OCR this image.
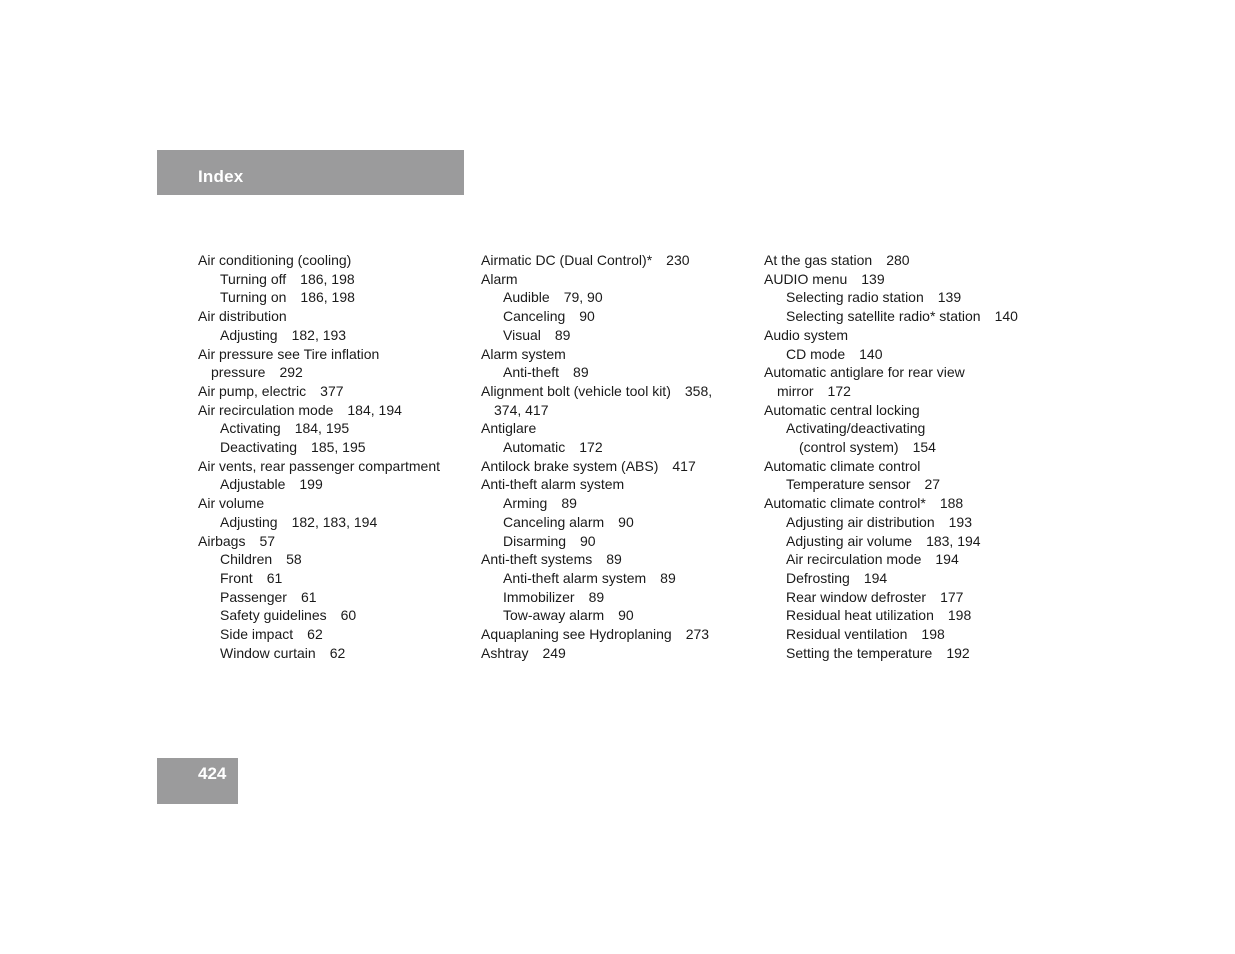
Index
Air conditioning (cooling)
Turning off 186, 198
Turning on 186, 198
Air distribution
Adjusting 182, 193
Air pressure see Tire inflation
pressure 292
Air pump, electric 377
Air recirculation mode 184, 194
Activating 184, 195
Deactivating 185, 195
Air vents, rear passenger compartment
Adjustable 199
Air volume
Adjusting 182, 183, 194
Airbags 57
Children 58
Front 61
Passenger 61
Safety guidelines 60
Side impact 62
Window curtain 62
Airmatic DC (Dual Control)* 230
Alarm
Audible 79, 90
Canceling 90
Visual 89
Alarm system
Anti-theft 89
Alignment bolt (vehicle tool kit) 358,
374, 417
Antiglare
Automatic 172
Antilock brake system (ABS) 417
Anti-theft alarm system
Arming 89
Canceling alarm 90
Disarming 90
Anti-theft systems 89
Anti-theft alarm system 89
Immobilizer 89
Tow-away alarm 90
Aquaplaning see Hydroplaning 273
Ashtray 249
At the gas station 280
AUDIO menu 139
Selecting radio station 139
Selecting satellite radio* station 140
Audio system
CD mode 140
Automatic antiglare for rear view
mirror 172
Automatic central locking
Activating/deactivating
(control system) 154
Automatic climate control
Temperature sensor 27
Automatic climate control* 188
Adjusting air distribution 193
Adjusting air volume 183, 194
Air recirculation mode 194
Defrosting 194
Rear window defroster 177
Residual heat utilization 198
Residual ventilation 198
Setting the temperature 192
424
